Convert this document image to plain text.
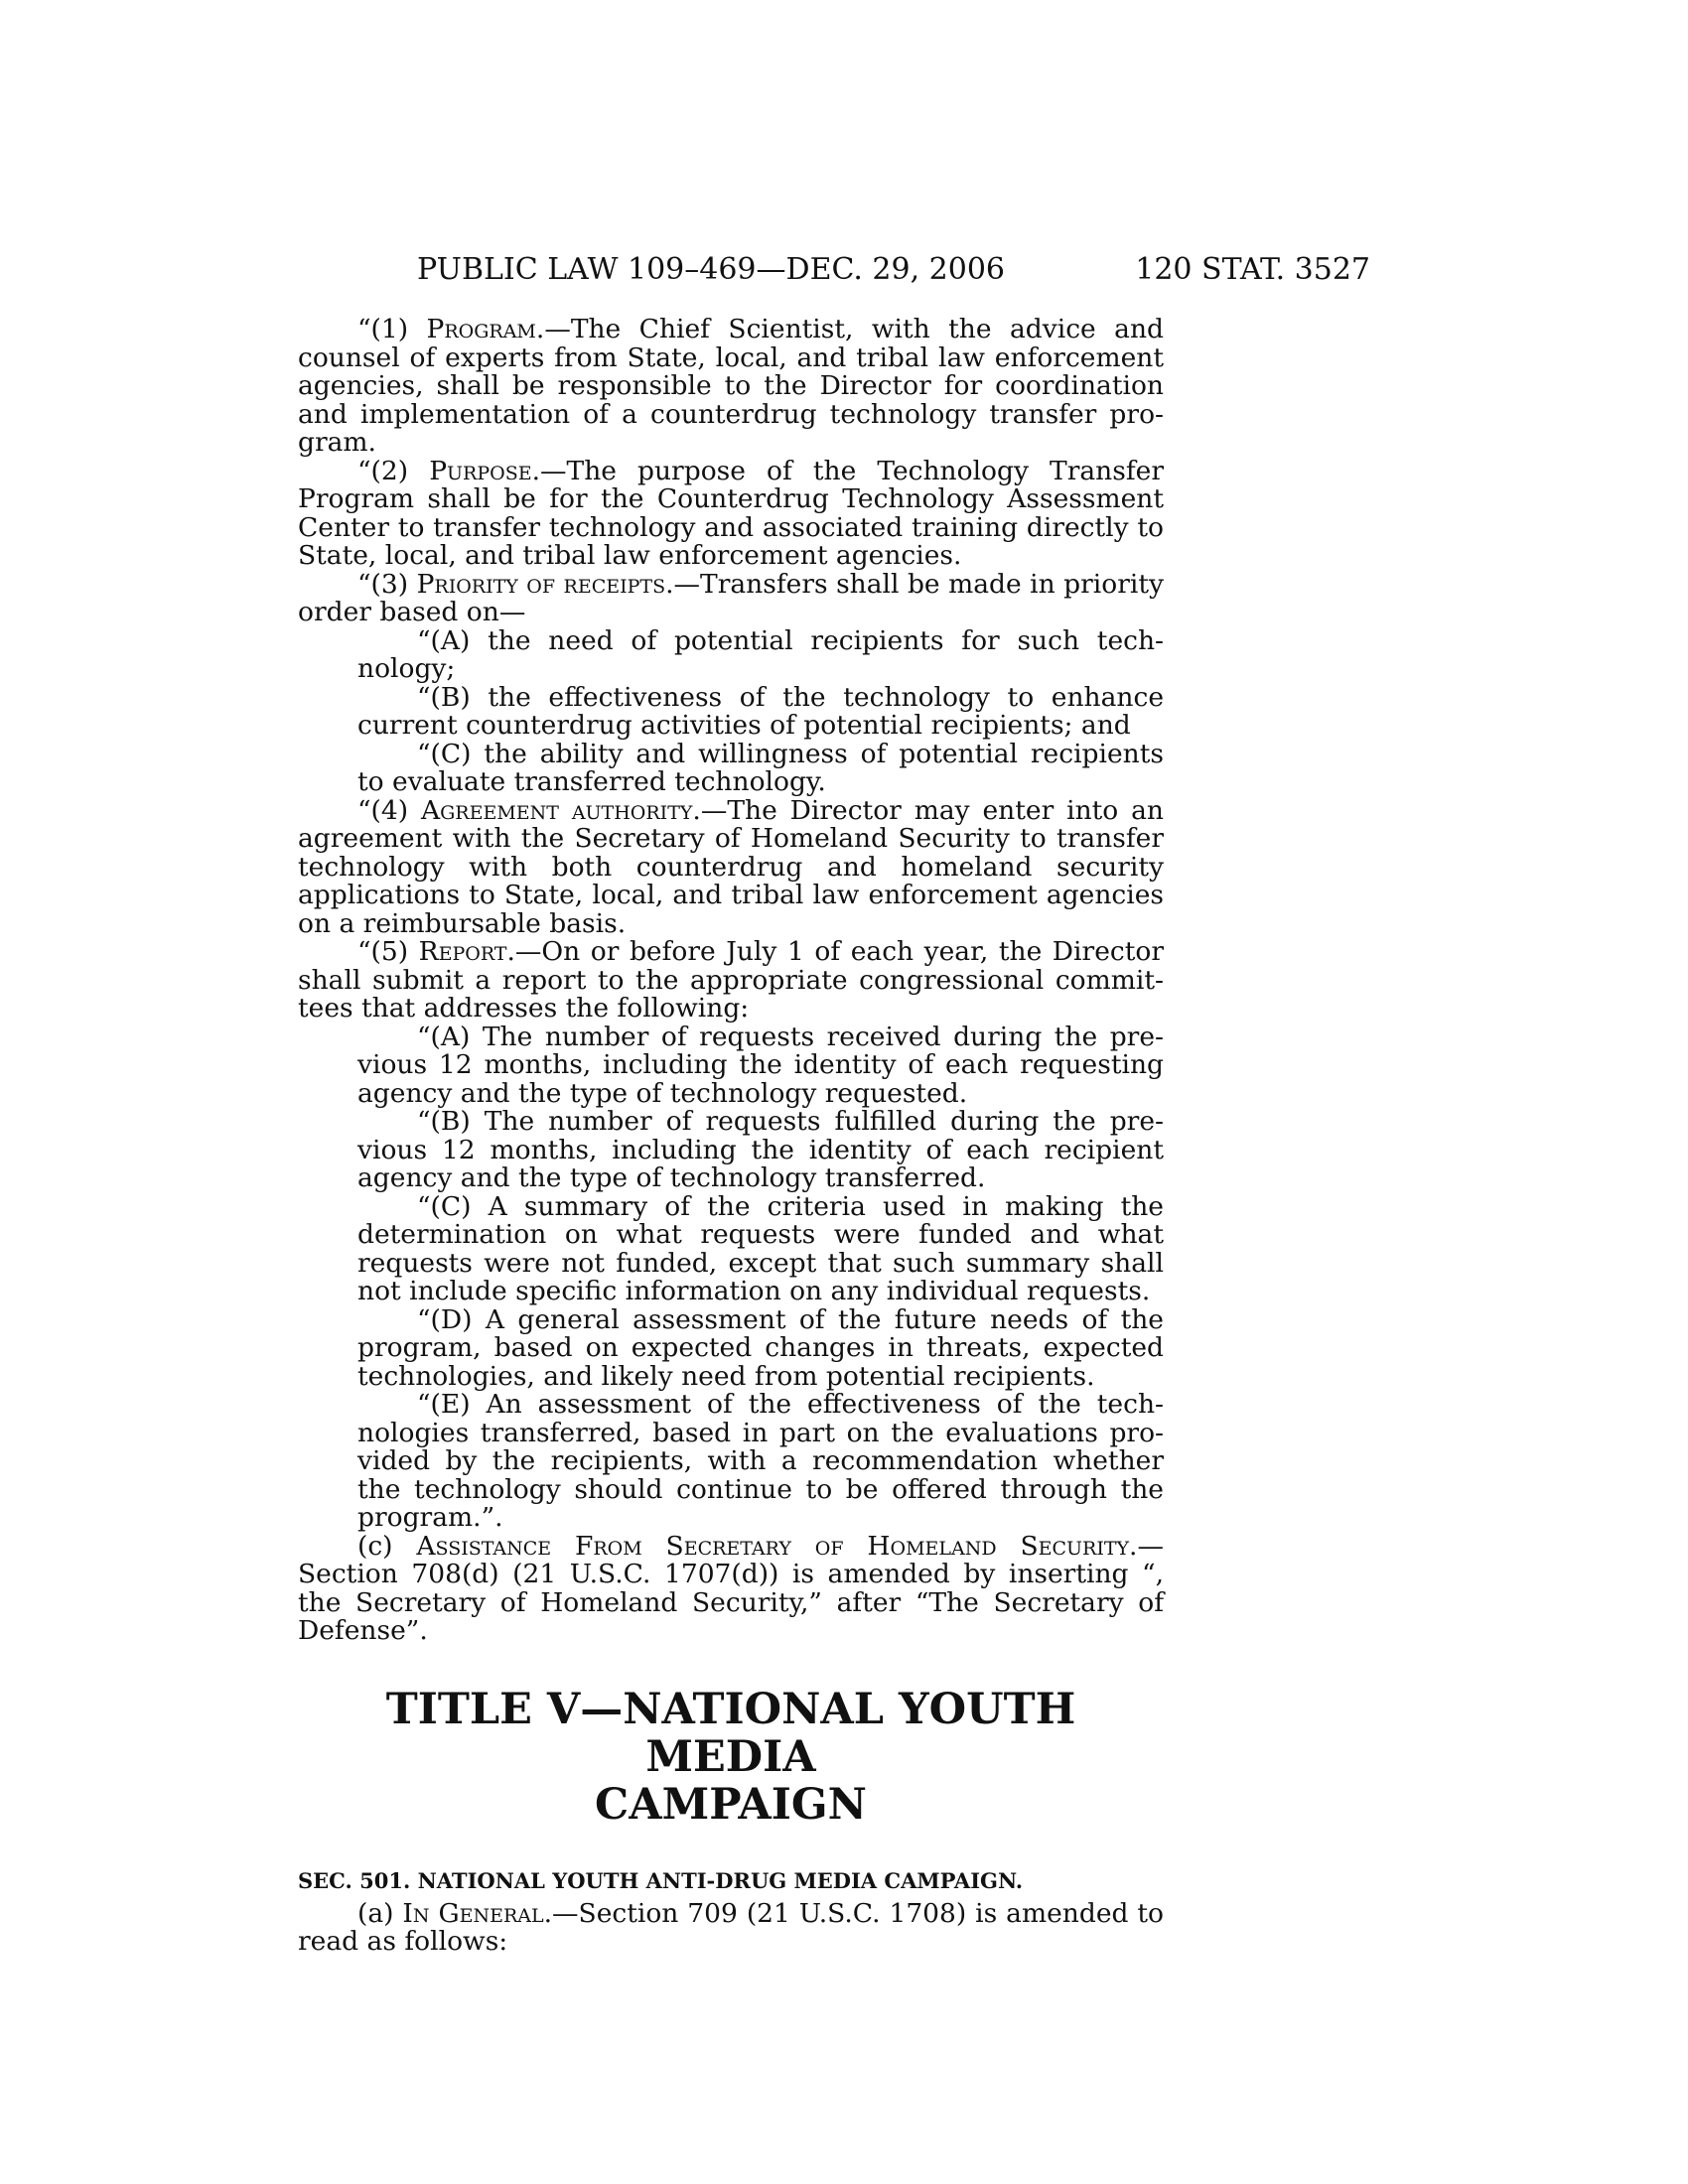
PUBLIC LAW 109–469—DEC. 29, 2006	120 STAT. 3527

“(1) Program.—The Chief Scientist, with the advice and counsel of experts from State, local, and tribal law enforcement agencies, shall be responsible to the Director for coordination and implementation of a counterdrug technology transfer program.

“(2) Purpose.—The purpose of the Technology Transfer Program shall be for the Counterdrug Technology Assessment Center to transfer technology and associated training directly to State, local, and tribal law enforcement agencies.

“(3) Priority of receipts.—Transfers shall be made in priority order based on—

“(A) the need of potential recipients for such technology;

“(B) the effectiveness of the technology to enhance current counterdrug activities of potential recipients; and

“(C) the ability and willingness of potential recipients to evaluate transferred technology.

“(4) Agreement authority.—The Director may enter into an agreement with the Secretary of Homeland Security to transfer technology with both counterdrug and homeland security applications to State, local, and tribal law enforcement agencies on a reimbursable basis.

“(5) Report.—On or before July 1 of each year, the Director shall submit a report to the appropriate congressional committees that addresses the following:

“(A) The number of requests received during the previous 12 months, including the identity of each requesting agency and the type of technology requested.

“(B) The number of requests fulfilled during the previous 12 months, including the identity of each recipient agency and the type of technology transferred.

“(C) A summary of the criteria used in making the determination on what requests were funded and what requests were not funded, except that such summary shall not include specific information on any individual requests.

“(D) A general assessment of the future needs of the program, based on expected changes in threats, expected technologies, and likely need from potential recipients.

“(E) An assessment of the effectiveness of the technologies transferred, based in part on the evaluations provided by the recipients, with a recommendation whether the technology should continue to be offered through the program.”.

(c) Assistance From Secretary of Homeland Security.— Section 708(d) (21 U.S.C. 1707(d)) is amended by inserting “, the Secretary of Homeland Security,” after “The Secretary of Defense”.

TITLE V—NATIONAL YOUTH MEDIA
CAMPAIGN

SEC. 501. NATIONAL YOUTH ANTI-DRUG MEDIA CAMPAIGN.

(a) In General.—Section 709 (21 U.S.C. 1708) is amended to read as follows:
